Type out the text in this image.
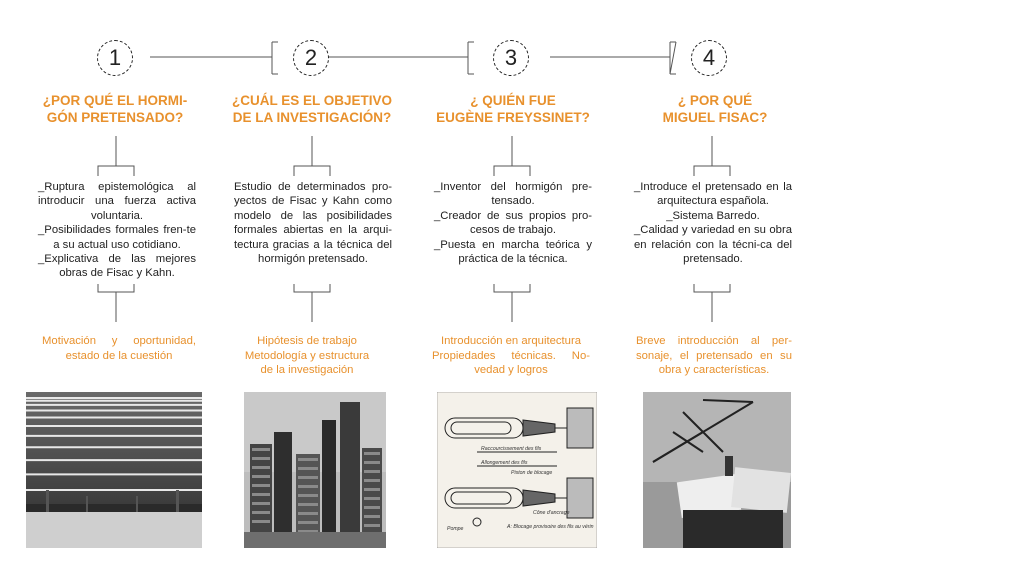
1	2	3	4
¿POR QUÉ EL HORMI-
GÓN PRETENSADO?
¿CUÁL ES EL OBJETIVO
DE LA INVESTIGACIÓN?
¿ QUIÉN FUE
EUGÈNE FREYSSINET?
¿ POR QUÉ
MIGUEL FISAC?
_Ruptura epistemológica al introducir una fuerza activa voluntaria.
_Posibilidades formales fren-te a su actual uso cotidiano.
_Explicativa de las mejores obras de Fisac y Kahn.
Estudio de determinados pro-yectos de Fisac y Kahn como modelo de las posibilidades formales abiertas en la arqui-tectura gracias a la técnica del hormigón pretensado.
_Inventor del hormigón pre-tensado.
_Creador de sus propios pro-cesos de trabajo.
_Puesta en marcha teórica y práctica de la técnica.
_Introduce el pretensado en la arquitectura española.
_Sistema Barredo.
_Calidad y variedad en su obra en relación con la técni-ca del pretensado.
Motivación y oportunidad, estado de la cuestión
Hipótesis de trabajo
Metodología y estructura
de la investigación
Introducción en arquitectura
Propiedades técnicas. No-vedad y logros
Breve introducción al per-sonaje, el pretensado en su obra y características.
Raccourcissement des fils
Allongement des fils
Piston de blocage
Cône d'ancrage
Pompe	A: Blocage provisoire des fils au vérin
